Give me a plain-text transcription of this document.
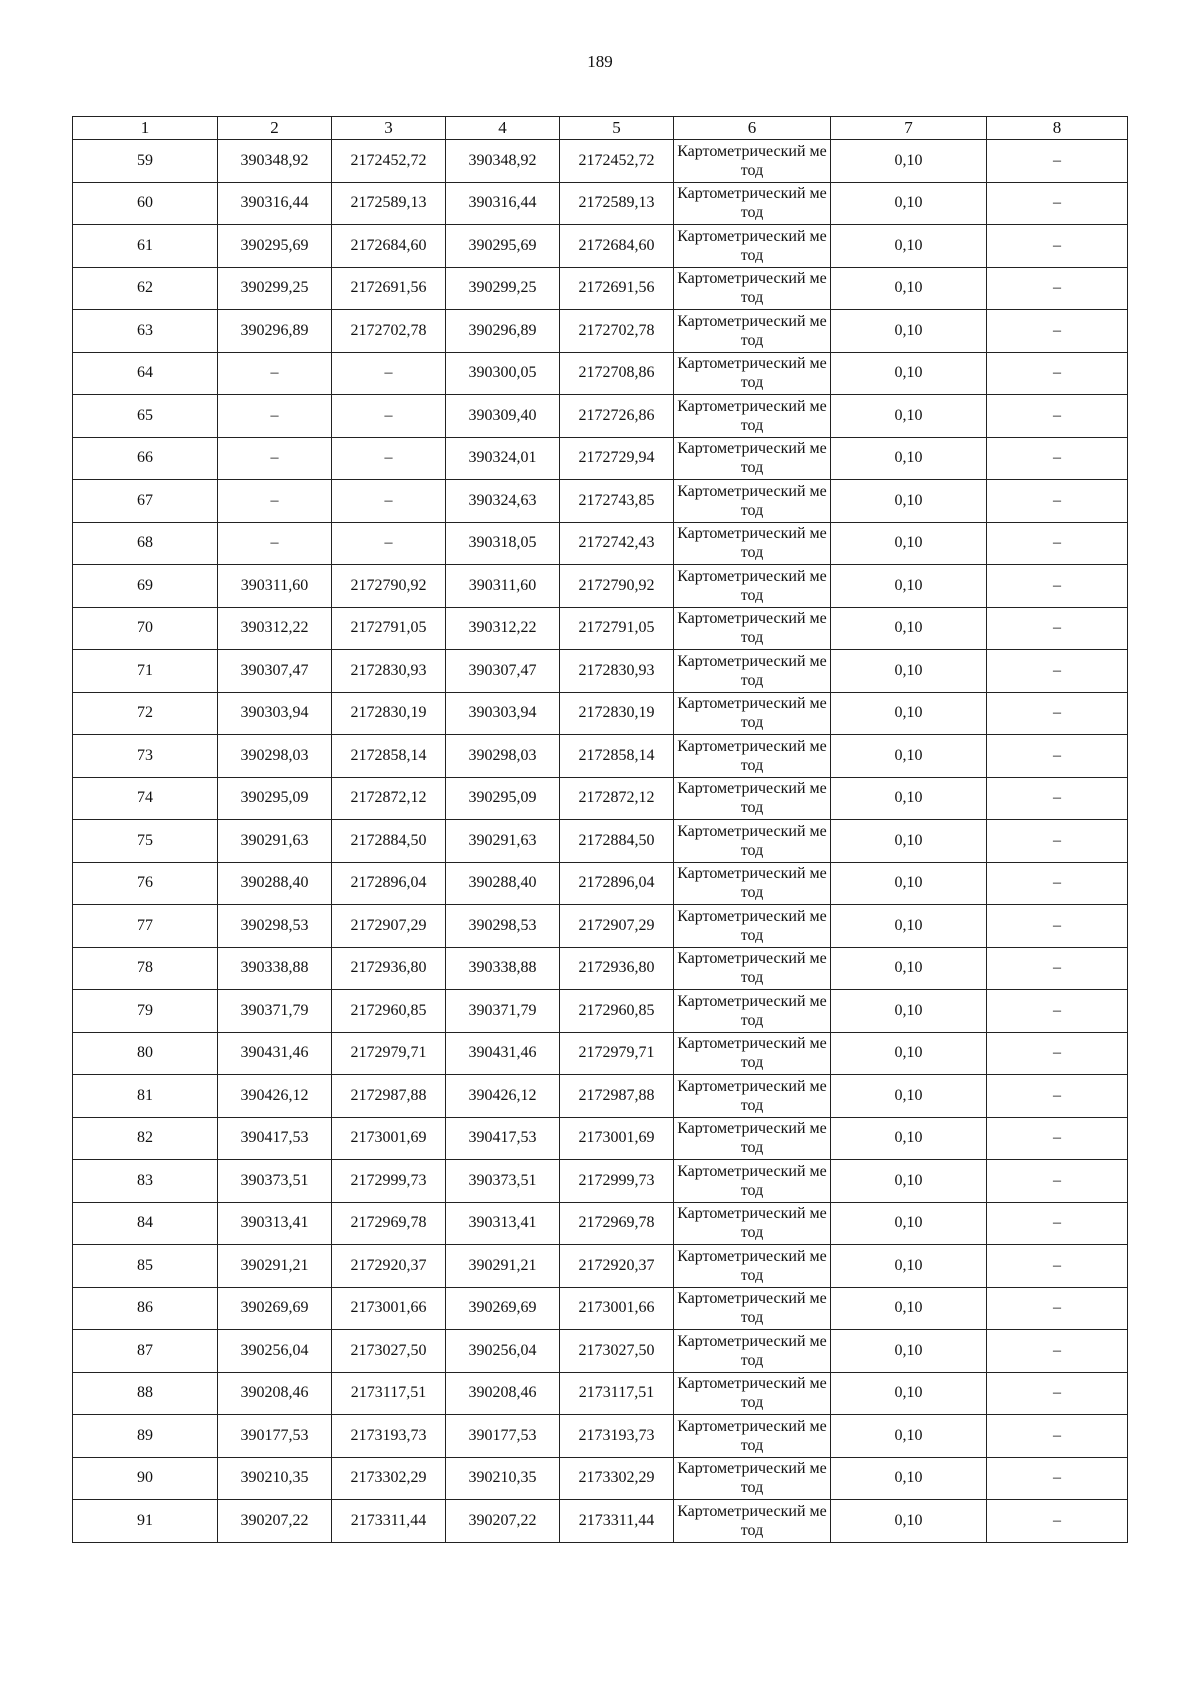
189
1	2	3	4	5	6	7	8
59	390348,92	2172452,72	390348,92	2172452,72	Картометрический метод	0,10	–
60	390316,44	2172589,13	390316,44	2172589,13	Картометрический метод	0,10	–
61	390295,69	2172684,60	390295,69	2172684,60	Картометрический метод	0,10	–
62	390299,25	2172691,56	390299,25	2172691,56	Картометрический метод	0,10	–
63	390296,89	2172702,78	390296,89	2172702,78	Картометрический метод	0,10	–
64	–	–	390300,05	2172708,86	Картометрический метод	0,10	–
65	–	–	390309,40	2172726,86	Картометрический метод	0,10	–
66	–	–	390324,01	2172729,94	Картометрический метод	0,10	–
67	–	–	390324,63	2172743,85	Картометрический метод	0,10	–
68	–	–	390318,05	2172742,43	Картометрический метод	0,10	–
69	390311,60	2172790,92	390311,60	2172790,92	Картометрический метод	0,10	–
70	390312,22	2172791,05	390312,22	2172791,05	Картометрический метод	0,10	–
71	390307,47	2172830,93	390307,47	2172830,93	Картометрический метод	0,10	–
72	390303,94	2172830,19	390303,94	2172830,19	Картометрический метод	0,10	–
73	390298,03	2172858,14	390298,03	2172858,14	Картометрический метод	0,10	–
74	390295,09	2172872,12	390295,09	2172872,12	Картометрический метод	0,10	–
75	390291,63	2172884,50	390291,63	2172884,50	Картометрический метод	0,10	–
76	390288,40	2172896,04	390288,40	2172896,04	Картометрический метод	0,10	–
77	390298,53	2172907,29	390298,53	2172907,29	Картометрический метод	0,10	–
78	390338,88	2172936,80	390338,88	2172936,80	Картометрический метод	0,10	–
79	390371,79	2172960,85	390371,79	2172960,85	Картометрический метод	0,10	–
80	390431,46	2172979,71	390431,46	2172979,71	Картометрический метод	0,10	–
81	390426,12	2172987,88	390426,12	2172987,88	Картометрический метод	0,10	–
82	390417,53	2173001,69	390417,53	2173001,69	Картометрический метод	0,10	–
83	390373,51	2172999,73	390373,51	2172999,73	Картометрический метод	0,10	–
84	390313,41	2172969,78	390313,41	2172969,78	Картометрический метод	0,10	–
85	390291,21	2172920,37	390291,21	2172920,37	Картометрический метод	0,10	–
86	390269,69	2173001,66	390269,69	2173001,66	Картометрический метод	0,10	–
87	390256,04	2173027,50	390256,04	2173027,50	Картометрический метод	0,10	–
88	390208,46	2173117,51	390208,46	2173117,51	Картометрический метод	0,10	–
89	390177,53	2173193,73	390177,53	2173193,73	Картометрический метод	0,10	–
90	390210,35	2173302,29	390210,35	2173302,29	Картометрический метод	0,10	–
91	390207,22	2173311,44	390207,22	2173311,44	Картометрический метод	0,10	–
